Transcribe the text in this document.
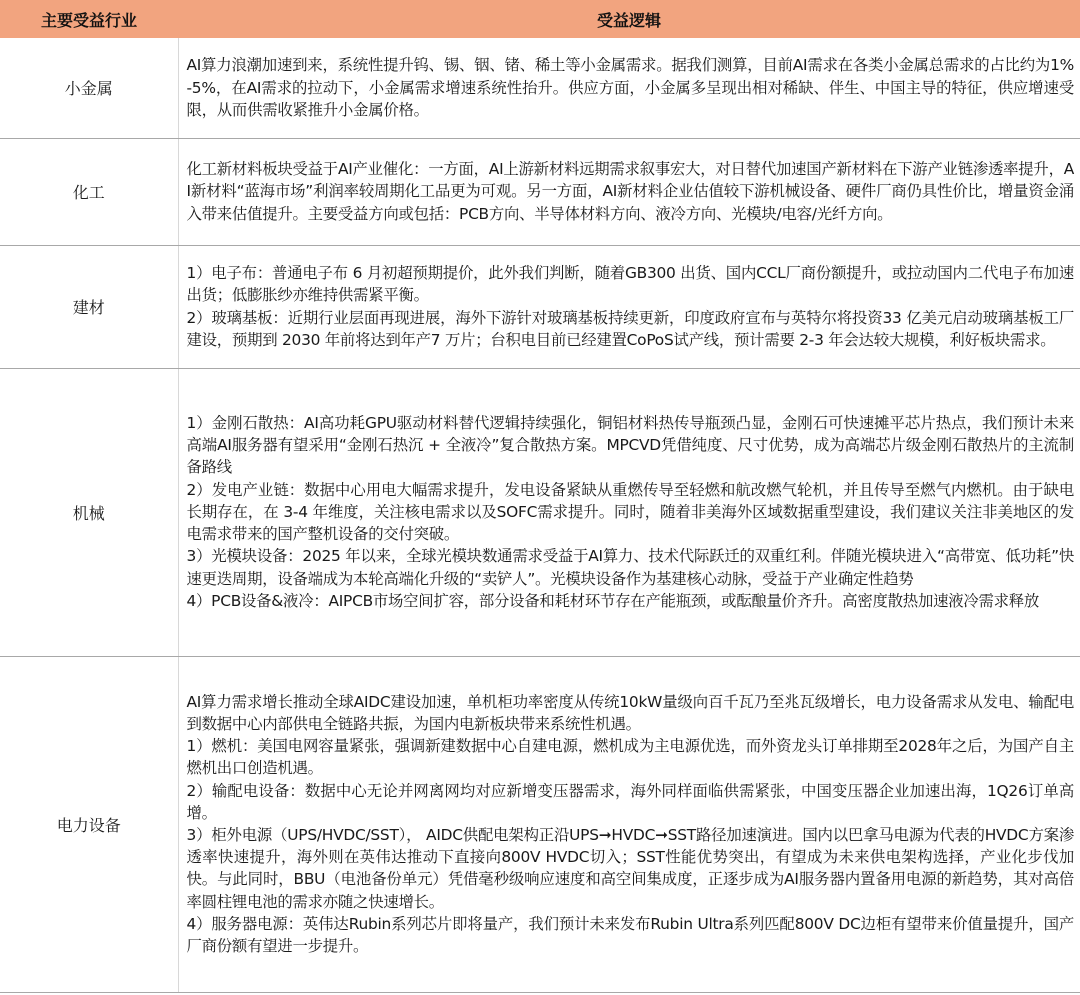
主要受益行业	受益逻辑
小金属	AI算力浪潮加速到来，系统性提升钨、锡、铟、锗、稀土等小金属需求。据我们测算，目前AI需求在各类小金属总需求的占比约为1%-5%，在AI需求的拉动下，小金属需求增速系统性抬升。供应方面，小金属多呈现出相对稀缺、伴生、中国主导的特征，供应增速受限，从而供需收紧推升小金属价格。

化工	化工新材料板块受益于AI产业催化：一方面，AI上游新材料远期需求叙事宏大，对日替代加速国产新材料在下游产业链渗透率提升，AI新材料“蓝海市场”利润率较周期化工品更为可观。另一方面，AI新材料企业估值较下游机械设备、硬件厂商仍具性价比，增量资金涌入带来估值提升。主要受益方向或包括：PCB方向、半导体材料方向、液冷方向、光模块/电容/光纤方向。

建材	1）电子布：普通电子布 6 月初超预期提价，此外我们判断，随着GB300 出货、国内CCL厂商份额提升，或拉动国内二代电子布加速出货；低膨胀纱亦维持供需紧平衡。
2）玻璃基板：近期行业层面再现进展，海外下游针对玻璃基板持续更新，印度政府宣布与英特尔将投资33 亿美元启动玻璃基板工厂建设，预期到 2030 年前将达到年产7 万片；台积电目前已经建置CoPoS试产线，预计需要 2-3 年会达较大规模，利好板块需求。

机械	1）金刚石散热：AI高功耗GPU驱动材料替代逻辑持续强化，铜铝材料热传导瓶颈凸显，金刚石可快速摊平芯片热点，我们预计未来高端AI服务器有望采用“金刚石热沉 + 全液冷”复合散热方案。MPCVD凭借纯度、尺寸优势，成为高端芯片级金刚石散热片的主流制备路线
2）发电产业链：数据中心用电大幅需求提升，发电设备紧缺从重燃传导至轻燃和航改燃气轮机，并且传导至燃气内燃机。由于缺电长期存在，在 3-4 年维度，关注核电需求以及SOFC需求提升。同时，随着非美海外区域数据重型建设，我们建议关注非美地区的发电需求带来的国产整机设备的交付突破。
3）光模块设备：2025 年以来，全球光模块数通需求受益于AI算力、技术代际跃迁的双重红利。伴随光模块进入“高带宽、低功耗”快速更迭周期，设备端成为本轮高端化升级的“卖铲人”。光模块设备作为基建核心动脉，受益于产业确定性趋势
4）PCB设备&液冷：AIPCB市场空间扩容，部分设备和耗材环节存在产能瓶颈，或酝酿量价齐升。高密度散热加速液冷需求释放

电力设备	AI算力需求增长推动全球AIDC建设加速，单机柜功率密度从传统10kW量级向百千瓦乃至兆瓦级增长，电力设备需求从发电、输配电到数据中心内部供电全链路共振，为国内电新板块带来系统性机遇。
1）燃机：美国电网容量紧张，强调新建数据中心自建电源，燃机成为主电源优选，而外资龙头订单排期至2028年之后，为国产自主燃机出口创造机遇。
2）输配电设备：数据中心无论并网离网均对应新增变压器需求，海外同样面临供需紧张，中国变压器企业加速出海，1Q26订单高增。
3）柜外电源（UPS/HVDC/SST）， AIDC供配电架构正沿UPS➞HVDC➞SST路径加速演进。国内以巴拿马电源为代表的HVDC方案渗透率快速提升，海外则在英伟达推动下直接向800V HVDC切入；SST性能优势突出，有望成为未来供电架构选择，产业化步伐加快。与此同时，BBU（电池备份单元）凭借毫秒级响应速度和高空间集成度，正逐步成为AI服务器内置备用电源的新趋势，其对高倍率圆柱锂电池的需求亦随之快速增长。
4）服务器电源：英伟达Rubin系列芯片即将量产，我们预计未来发布Rubin Ultra系列匹配800V DC边柜有望带来价值量提升，国产厂商份额有望进一步提升。
